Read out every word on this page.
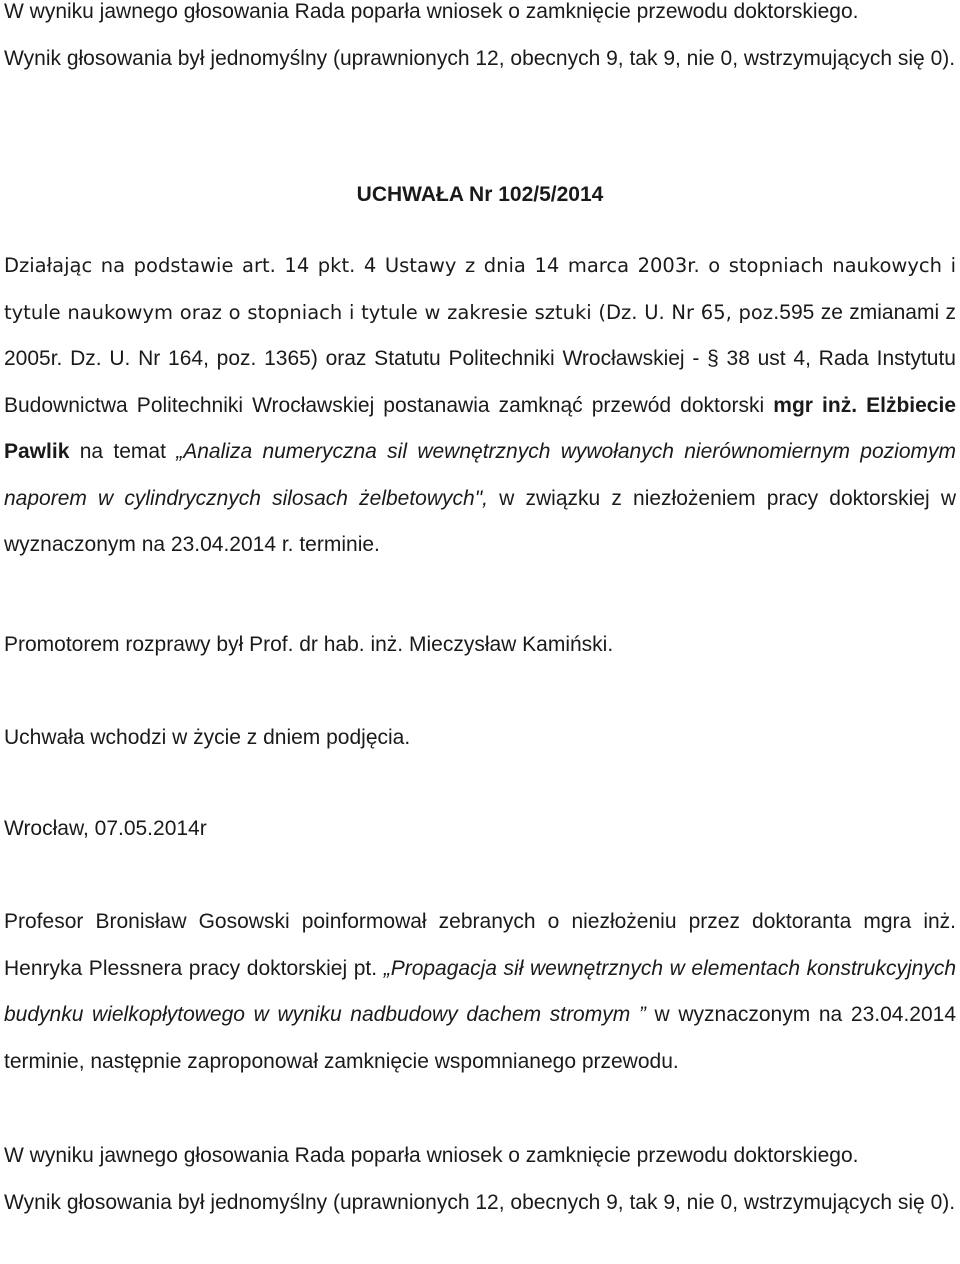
W wyniku jawnego głosowania Rada poparła wniosek o zamknięcie przewodu doktorskiego.
Wynik głosowania był jednomyślny (uprawnionych 12, obecnych 9, tak 9, nie 0, wstrzymujących się 0).
UCHWAŁA Nr 102/5/2014
Działając na podstawie art. 14 pkt. 4 Ustawy z dnia 14 marca 2003r. o stopniach naukowych i tytule naukowym oraz o stopniach i tytule w zakresie sztuki (Dz. U. Nr 65, poz.595 ze zmianami z 2005r. Dz. U. Nr 164, poz. 1365) oraz Statutu Politechniki Wrocławskiej - § 38 ust 4, Rada Instytutu Budownictwa Politechniki Wrocławskiej postanawia zamknąć przewód doktorski mgr inż. Elżbiecie Pawlik na temat „Analiza numeryczna sil wewnętrznych wywołanych nierównomiernym poziomym naporem w cylindrycznych silosach żelbetowych", w związku z niezłożeniem pracy doktorskiej w wyznaczonym na 23.04.2014 r. terminie.
Promotorem rozprawy był Prof. dr hab. inż. Mieczysław Kamiński.
Uchwała wchodzi w życie z dniem podjęcia.
Wrocław, 07.05.2014r
Profesor Bronisław Gosowski poinformował zebranych o niezłożeniu przez doktoranta mgra inż. Henryka Plessnera pracy doktorskiej pt. „Propagacja sił wewnętrznych w elementach konstrukcyjnych budynku wielkopłytowego w wyniku nadbudowy dachem stromym ” w wyznaczonym na 23.04.2014 terminie, następnie zaproponował zamknięcie wspomnianego przewodu.
W wyniku jawnego głosowania Rada poparła wniosek o zamknięcie przewodu doktorskiego.
Wynik głosowania był jednomyślny (uprawnionych 12, obecnych 9, tak 9, nie 0, wstrzymujących się 0).
